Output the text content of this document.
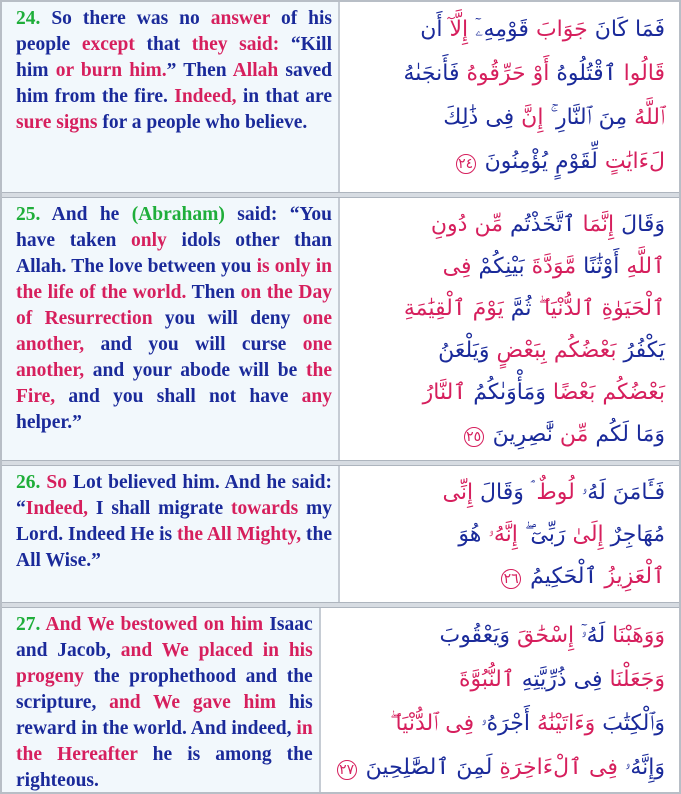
24. So there was no answer of his people except that they said: “Kill him or burn him.” Then Allah saved him from the fire. Indeed, in that are sure signs for a people who believe.
فَمَا كَانَ جَوَابَ قَوْمِهِۦٓ إِلَّآ أَن
قَالُوا ٱقْتُلُوهُ أَوْ حَرِّقُوهُ فَأَنجَىٰهُ
ٱللَّهُ مِنَ ٱلنَّارِ ۚ إِنَّ فِى ذَٰلِكَ
لَءَايَٰتٍ لِّقَوْمٍ يُؤْمِنُونَ ٢٤
25. And he (Abraham) said: “You have taken only idols other than Allah. The love between you is only in the life of the world. Then on the Day of Resurrection you will deny one another, and you will curse one another, and your abode will be the Fire, and you shall not have any helper.”
وَقَالَ إِنَّمَا ٱتَّخَذْتُم مِّن دُونِ
ٱللَّهِ أَوْثَٰنًا مَّوَدَّةَ بَيْنِكُمْ فِى
ٱلْحَيَوٰةِ ٱلدُّنْيَا ۖ ثُمَّ يَوْمَ ٱلْقِيَٰمَةِ
يَكْفُرُ بَعْضُكُم بِبَعْضٍ وَيَلْعَنُ
بَعْضُكُم بَعْضًا وَمَأْوَىٰكُمُ ٱلنَّارُ
وَمَا لَكُم مِّن نَّٰصِرِينَ ٢٥
26. So Lot believed him. And he said: “Indeed, I shall migrate towards my Lord. Indeed He is the All Mighty, the All Wise.”
فَـَٔامَنَ لَهُۥ لُوطٌ ۘ وَقَالَ إِنِّى
مُهَاجِرٌ إِلَىٰ رَبِّىٓ ۖ إِنَّهُۥ هُوَ
ٱلْعَزِيزُ ٱلْحَكِيمُ ٢٦
27. And We bestowed on him Isaac and Jacob, and We placed in his progeny the prophethood and the scripture, and We gave him his reward in the world. And indeed, in the Hereafter he is among the righteous.
وَوَهَبْنَا لَهُۥٓ إِسْحَٰقَ وَيَعْقُوبَ
وَجَعَلْنَا فِى ذُرِّيَّتِهِ ٱلنُّبُوَّةَ
وَٱلْكِتَٰبَ وَءَاتَيْنَٰهُ أَجْرَهُۥ فِى ٱلدُّنْيَا ۖ
وَإِنَّهُۥ فِى ٱلْءَاخِرَةِ لَمِنَ ٱلصَّٰلِحِينَ ٢٧
